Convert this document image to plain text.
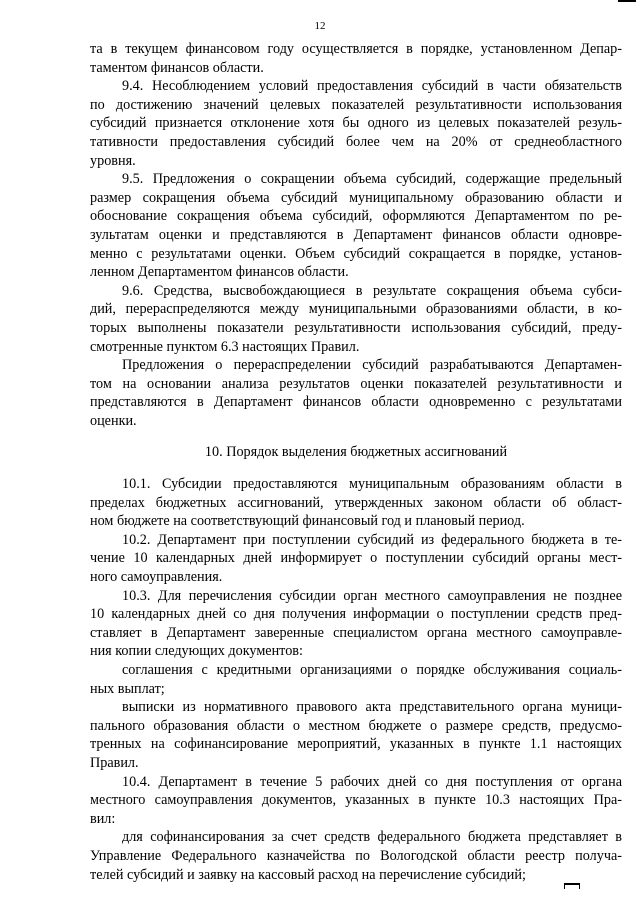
12
та в текущем финансовом году осуществляется в порядке, установленном Депар-
таментом финансов области.
9.4. Несоблюдением условий предоставления субсидий в части обязательств
по достижению значений целевых показателей результативности использования
субсидий признается отклонение хотя бы одного из целевых показателей резуль-
тативности предоставления субсидий более чем на 20% от среднеобластного
уровня.
9.5. Предложения о сокращении объема субсидий, содержащие предельный
размер сокращения объема субсидий муниципальному образованию области и
обоснование сокращения объема субсидий, оформляются Департаментом по ре-
зультатам оценки и представляются в Департамент финансов области одновре-
менно с результатами оценки. Объем субсидий сокращается в порядке, установ-
ленном Департаментом финансов области.
9.6. Средства, высвобождающиеся в результате сокращения объема субси-
дий, перераспределяются между муниципальными образованиями области, в ко-
торых выполнены показатели результативности использования субсидий, преду-
смотренные пунктом 6.3 настоящих Правил.
Предложения о перераспределении субсидий разрабатываются Департамен-
том на основании анализа результатов оценки показателей результативности и
представляются в Департамент финансов области одновременно с результатами
оценки.
10. Порядок выделения бюджетных ассигнований
10.1. Субсидии предоставляются муниципальным образованиям области в
пределах бюджетных ассигнований, утвержденных законом области об област-
ном бюджете на соответствующий финансовый год и плановый период.
10.2. Департамент при поступлении субсидий из федерального бюджета в те-
чение 10 календарных дней информирует о поступлении субсидий органы мест-
ного самоуправления.
10.3. Для перечисления субсидии орган местного самоуправления не позднее
10 календарных дней со дня получения информации о поступлении средств пред-
ставляет в Департамент заверенные специалистом органа местного самоуправле-
ния копии следующих документов:
соглашения с кредитными организациями о порядке обслуживания социаль-
ных выплат;
выписки из нормативного правового акта представительного органа муници-
пального образования области о местном бюджете о размере средств, предусмо-
тренных на софинансирование мероприятий, указанных в пункте 1.1 настоящих
Правил.
10.4. Департамент в течение 5 рабочих дней со дня поступления от органа
местного самоуправления документов, указанных в пункте 10.3 настоящих Пра-
вил:
для софинансирования за счет средств федерального бюджета представляет в
Управление Федерального казначейства по Вологодской области реестр получа-
телей субсидий и заявку на кассовый расход на перечисление субсидий;
